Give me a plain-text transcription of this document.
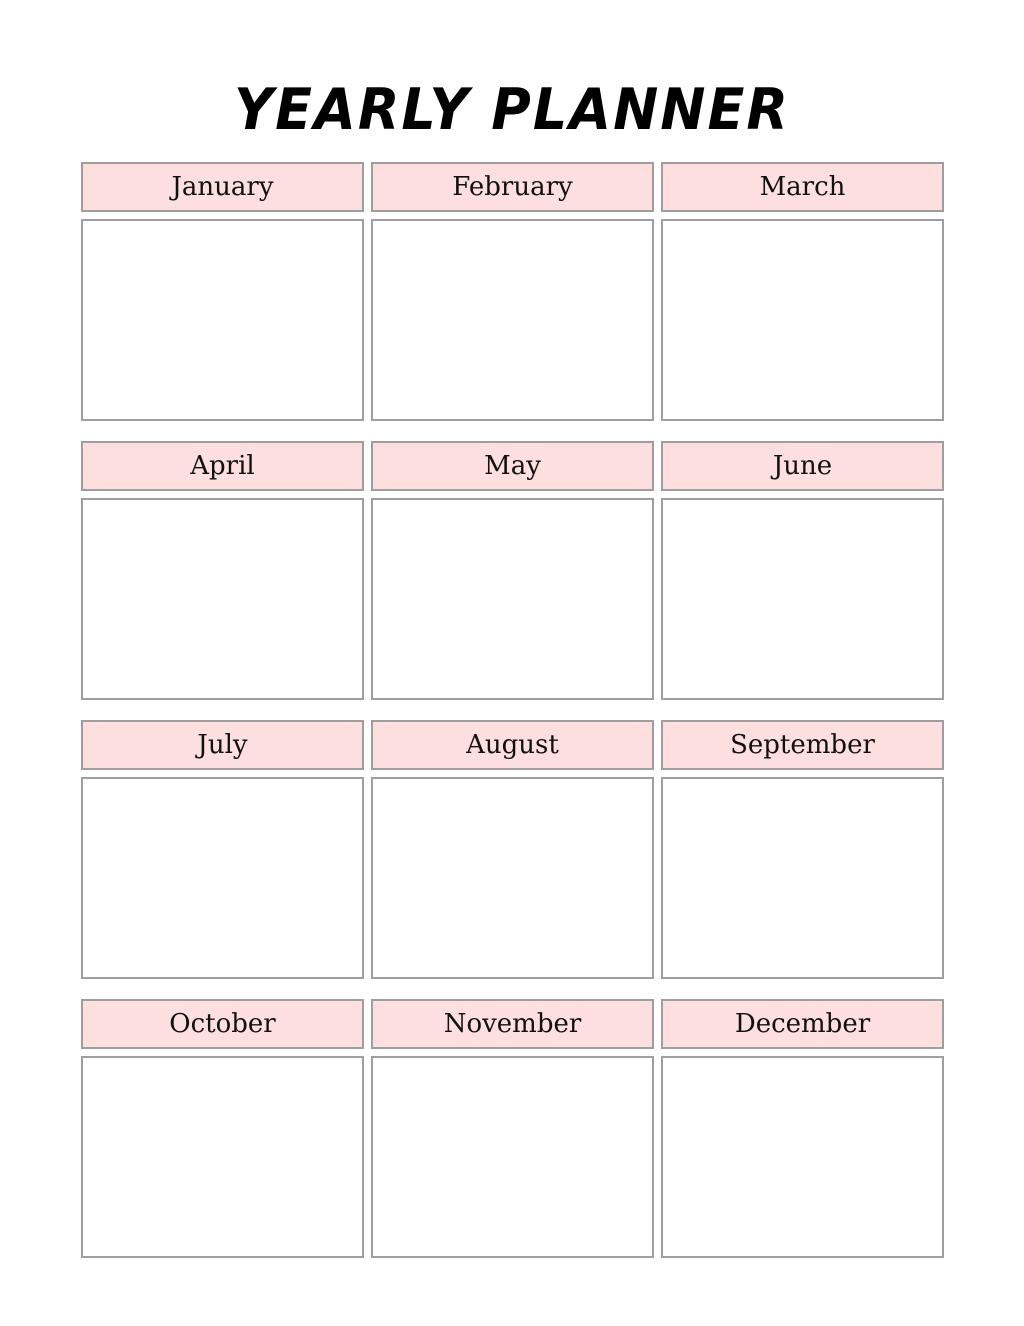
YEARLY PLANNER
January	February	March
April	May	June
July	August	September
October	November	December
